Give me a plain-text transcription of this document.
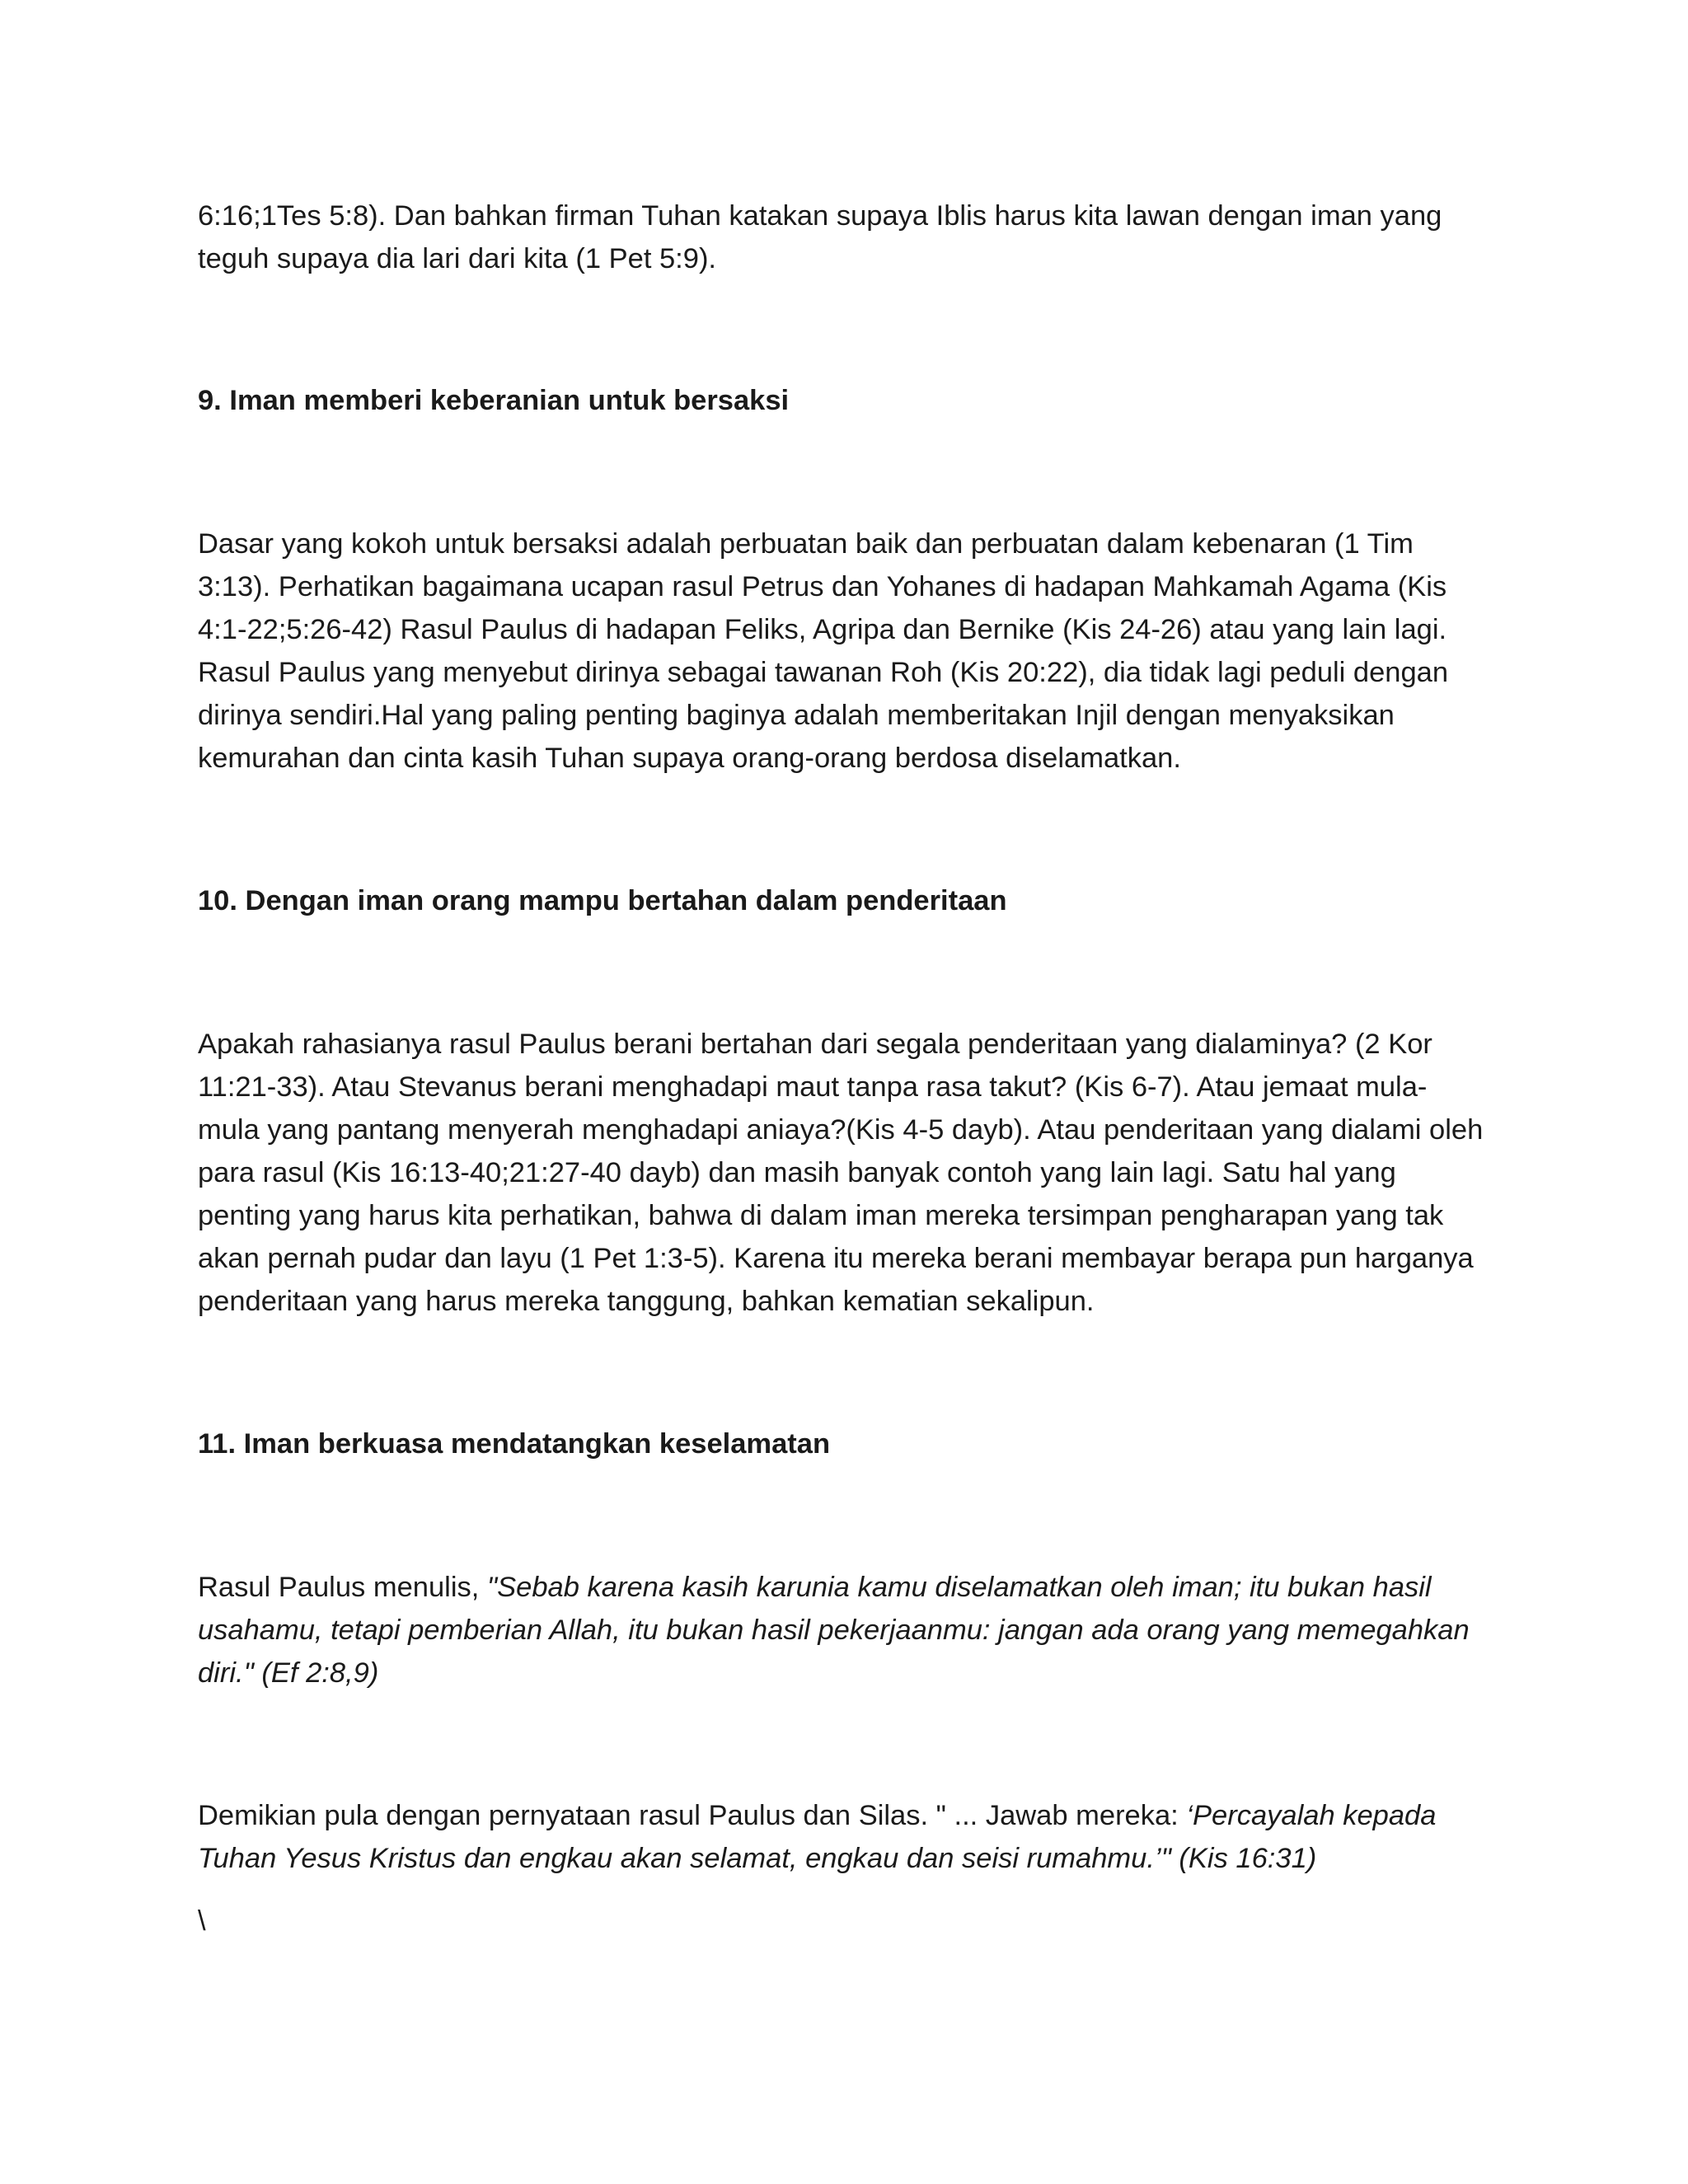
6:16;1Tes 5:8). Dan bahkan firman Tuhan katakan supaya Iblis harus kita lawan dengan iman yang teguh supaya dia lari dari kita (1 Pet 5:9).

9. Iman memberi keberanian untuk bersaksi

Dasar yang kokoh untuk bersaksi adalah perbuatan baik dan perbuatan dalam kebenaran (1 Tim 3:13). Perhatikan bagaimana ucapan rasul Petrus dan Yohanes di hadapan Mahkamah Agama (Kis 4:1-22;5:26-42) Rasul Paulus di hadapan Feliks, Agripa dan Bernike (Kis 24-26) atau yang lain lagi. Rasul Paulus yang menyebut dirinya sebagai tawanan Roh (Kis 20:22), dia tidak lagi peduli dengan dirinya sendiri.Hal yang paling penting baginya adalah memberitakan Injil dengan menyaksikan kemurahan dan cinta kasih Tuhan supaya orang-orang berdosa diselamatkan.

10. Dengan iman orang mampu bertahan dalam penderitaan

Apakah rahasianya rasul Paulus berani bertahan dari segala penderitaan yang dialaminya? (2 Kor 11:21-33). Atau Stevanus berani menghadapi maut tanpa rasa takut? (Kis 6-7). Atau jemaat mula-mula yang pantang menyerah menghadapi aniaya?(Kis 4-5 dayb). Atau penderitaan yang dialami oleh para rasul (Kis 16:13-40;21:27-40 dayb) dan masih banyak contoh yang lain lagi. Satu hal yang penting yang harus kita perhatikan, bahwa di dalam iman mereka tersimpan pengharapan yang tak akan pernah pudar dan layu (1 Pet 1:3-5). Karena itu mereka berani membayar berapa pun harganya penderitaan yang harus mereka tanggung, bahkan kematian sekalipun.

11. Iman berkuasa mendatangkan keselamatan

Rasul Paulus menulis, "Sebab karena kasih karunia kamu diselamatkan oleh iman; itu bukan hasil usahamu, tetapi pemberian Allah, itu bukan hasil pekerjaanmu: jangan ada orang yang memegahkan diri." (Ef 2:8,9)

Demikian pula dengan pernyataan rasul Paulus dan Silas. " ... Jawab mereka: ‘Percayalah kepada Tuhan Yesus Kristus dan engkau akan selamat, engkau dan seisi rumahmu.’" (Kis 16:31)

\
